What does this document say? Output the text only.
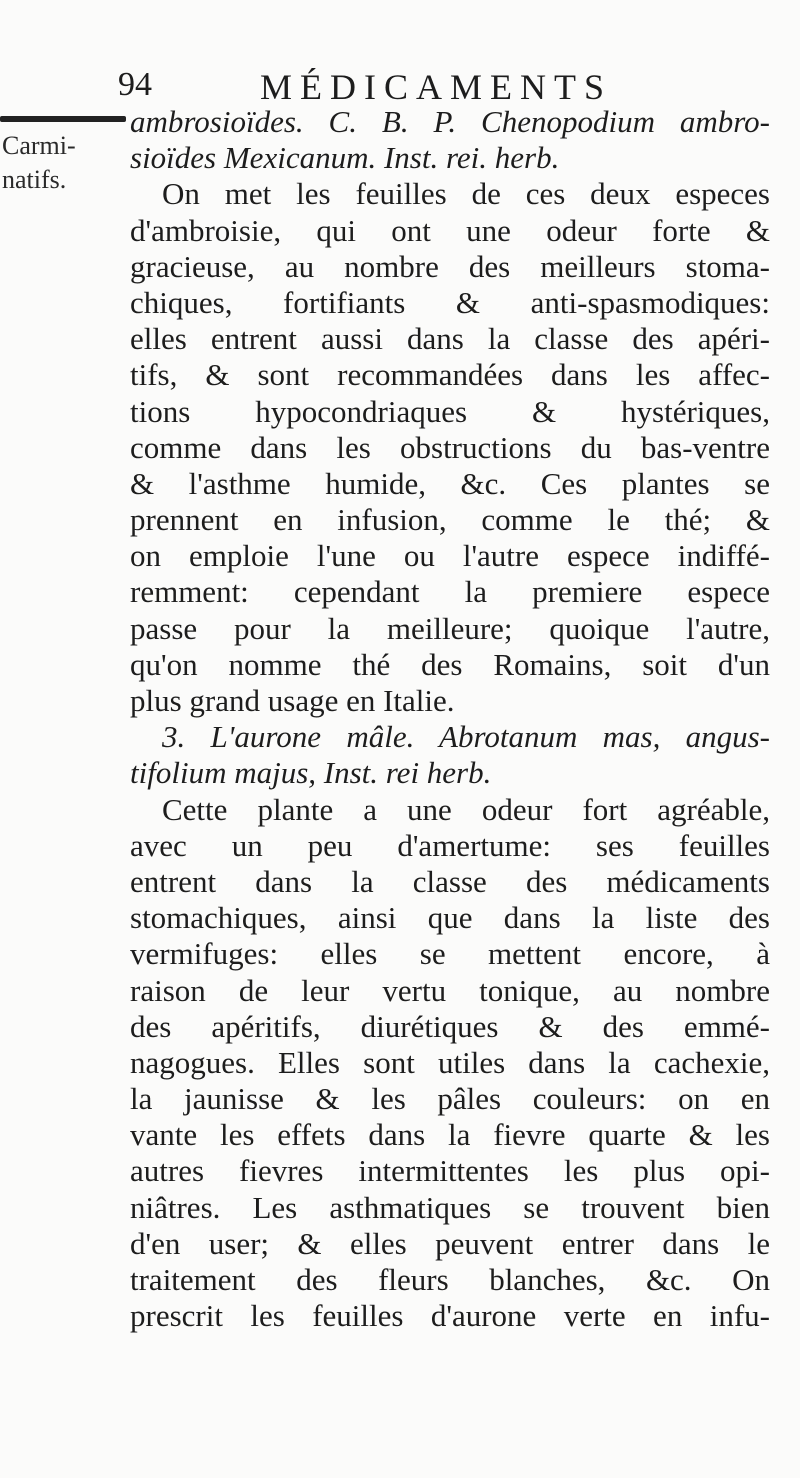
94	MÉDICAMENTS
Carmi-
natifs.
ambrosioïdes. C. B. P. Chenopodium ambro-
sioïdes Mexicanum. Inst. rei. herb.
On met les feuilles de ces deux especes
d'ambroisie, qui ont une odeur forte &
gracieuse, au nombre des meilleurs stoma-
chiques, fortifiants & anti-spasmodiques:
elles entrent aussi dans la classe des apéri-
tifs, & sont recommandées dans les affec-
tions hypocondriaques & hystériques,
comme dans les obstructions du bas-ventre
& l'asthme humide, &c. Ces plantes se
prennent en infusion, comme le thé; &
on emploie l'une ou l'autre espece indiffé-
remment: cependant la premiere espece
passe pour la meilleure; quoique l'autre,
qu'on nomme thé des Romains, soit d'un
plus grand usage en Italie.
3. L'aurone mâle. Abrotanum mas, angus-
tifolium majus, Inst. rei herb.
Cette plante a une odeur fort agréable,
avec un peu d'amertume: ses feuilles
entrent dans la classe des médicaments
stomachiques, ainsi que dans la liste des
vermifuges: elles se mettent encore, à
raison de leur vertu tonique, au nombre
des apéritifs, diurétiques & des emmé-
nagogues. Elles sont utiles dans la cachexie,
la jaunisse & les pâles couleurs: on en
vante les effets dans la fievre quarte & les
autres fievres intermittentes les plus opi-
niâtres. Les asthmatiques se trouvent bien
d'en user; & elles peuvent entrer dans le
traitement des fleurs blanches, &c. On
prescrit les feuilles d'aurone verte en infu-
